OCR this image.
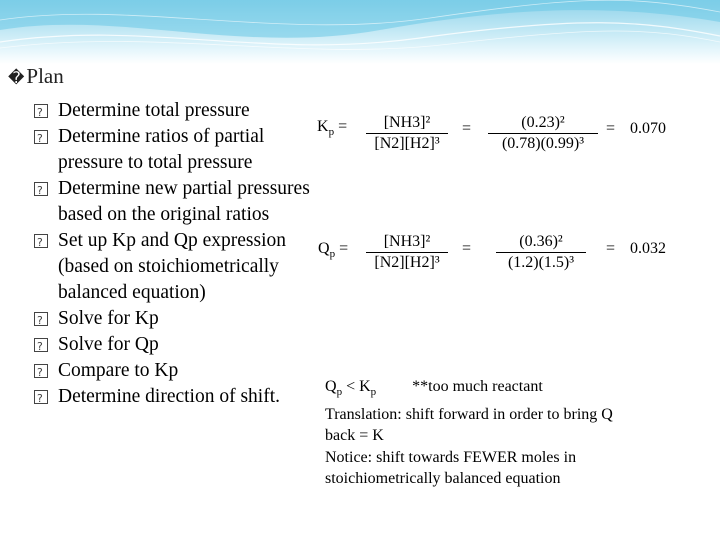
�Plan
?
Determine total pressure
?
Determine ratios of partial pressure to total pressure
?
Determine new partial pressures based on the original ratios
?
Set up Kp and Qp expression (based on stoichiometrically balanced equation)
?
Solve for Kp
?
Solve for Qp
?
Compare to Kp
?
Determine direction of shift.
$K_p = \frac{\text{[NH3]²}}{\text{[N2][H2]³}} = \frac{\text{(0.23)²}}{\text{(0.78)(0.99)³}} = 0.070$
$Q_p = \frac{\text{[NH3]²}}{\text{[N2][H2]³}} = \frac{\text{(0.36)²}}{\text{(1.2)(1.5)³}} = 0.032$
$Q_p < K_p$ **too much reactant
Translation: shift forward in order to bring Q
back = K
Notice: shift towards FEWER moles in
stoichiometrically balanced equation
